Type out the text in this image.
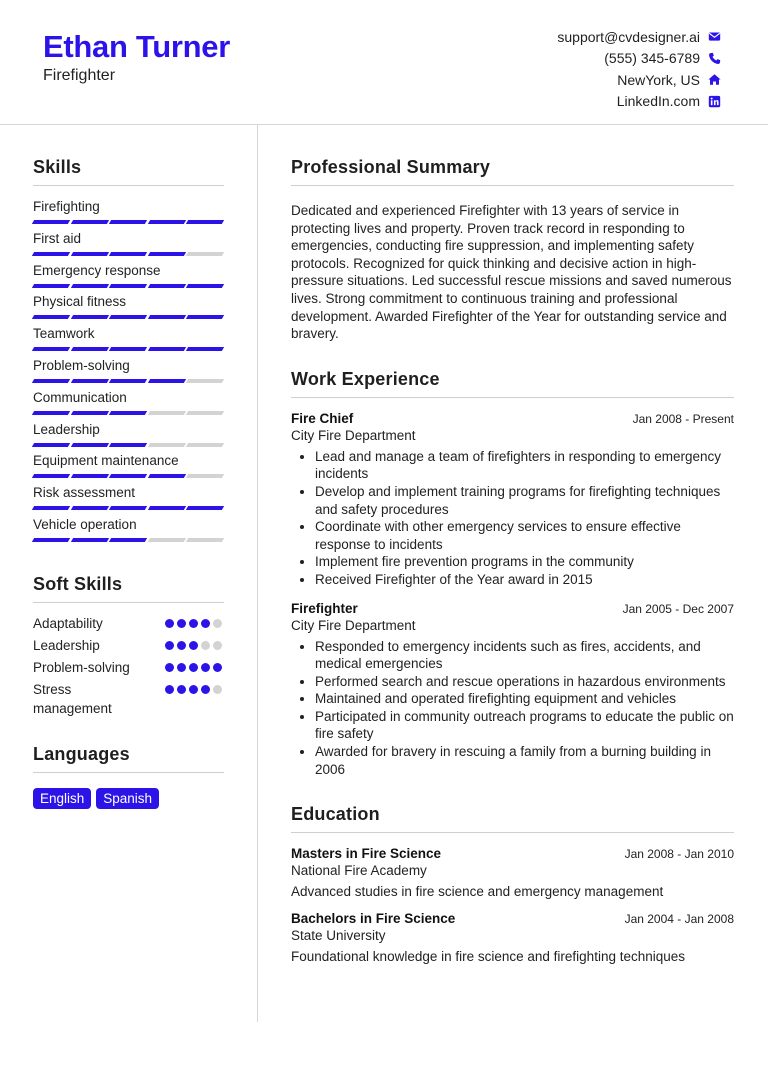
Ethan Turner
Firefighter
support@cvdesigner.ai
(555) 345-6789
NewYork, US
LinkedIn.com
Skills
Firefighting
First aid
Emergency response
Physical fitness
Teamwork
Problem-solving
Communication
Leadership
Equipment maintenance
Risk assessment
Vehicle operation
Soft Skills
Adaptability
Leadership
Problem-solving
Stress management
Languages
English	Spanish
Professional Summary
Dedicated and experienced Firefighter with 13 years of service in protecting lives and property. Proven track record in responding to emergencies, conducting fire suppression, and implementing safety protocols. Recognized for quick thinking and decisive action in high-pressure situations. Led successful rescue missions and saved numerous lives. Strong commitment to continuous training and professional development. Awarded Firefighter of the Year for outstanding service and bravery.
Work Experience
Fire Chief	Jan 2008 - Present
City Fire Department
• Lead and manage a team of firefighters in responding to emergency incidents
• Develop and implement training programs for firefighting techniques and safety procedures
• Coordinate with other emergency services to ensure effective response to incidents
• Implement fire prevention programs in the community
• Received Firefighter of the Year award in 2015
Firefighter	Jan 2005 - Dec 2007
City Fire Department
• Responded to emergency incidents such as fires, accidents, and medical emergencies
• Performed search and rescue operations in hazardous environments
• Maintained and operated firefighting equipment and vehicles
• Participated in community outreach programs to educate the public on fire safety
• Awarded for bravery in rescuing a family from a burning building in 2006
Education
Masters in Fire Science	Jan 2008 - Jan 2010
National Fire Academy
Advanced studies in fire science and emergency management
Bachelors in Fire Science	Jan 2004 - Jan 2008
State University
Foundational knowledge in fire science and firefighting techniques
